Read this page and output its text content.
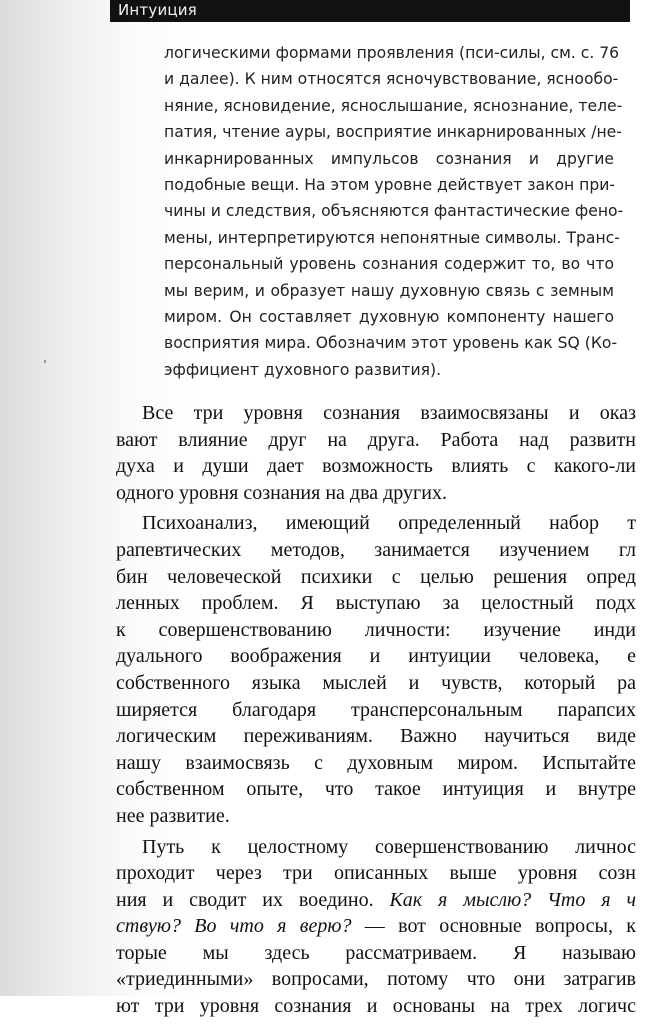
Интуиция
логическими формами проявления (пси-силы, см. с. 76
и далее). К ним относятся ясночувствование, яснообо-
няние, ясновидение, яснослышание, яснознание, теле-
патия, чтение ауры, восприятие инкарнированных /не-
инкарнированных импульсов сознания и другие
подобные вещи. На этом уровне действует закон при-
чины и следствия, объясняются фантастические фено-
мены, интерпретируются непонятные символы. Транс-
персональный уровень сознания содержит то, во что
мы верим, и образует нашу духовную связь с земным
миром. Он составляет духовную компоненту нашего
восприятия мира. Обозначим этот уровень как SQ (Ко-
эффициент духовного развития).
Все три уровня сознания взаимосвязаны и оказ
вают влияние друг на друга. Работа над развитн
духа и души дает возможность влиять с какого-ли
одного уровня сознания на два других.
Психоанализ, имеющий определенный набор т
рапевтических методов, занимается изучением гл
бин человеческой психики с целью решения опред
ленных проблем. Я выступаю за целостный подх
к совершенствованию личности: изучение инди
дуального воображения и интуиции человека, е
собственного языка мыслей и чувств, который ра
ширяется благодаря трансперсональным парапсих
логическим переживаниям. Важно научиться виде
нашу взаимосвязь с духовным миром. Испытайте
собственном опыте, что такое интуиция и внутре
нее развитие.
Путь к целостному совершенствованию личнос
проходит через три описанных выше уровня созн
ния и сводит их воедино. Как я мыслю? Что я ч
ствую? Во что я верю? — вот основные вопросы, к
торые мы здесь рассматриваем. Я называю
«триединными» вопросами, потому что они затрагив
ют три уровня сознания и основаны на трех логичс
